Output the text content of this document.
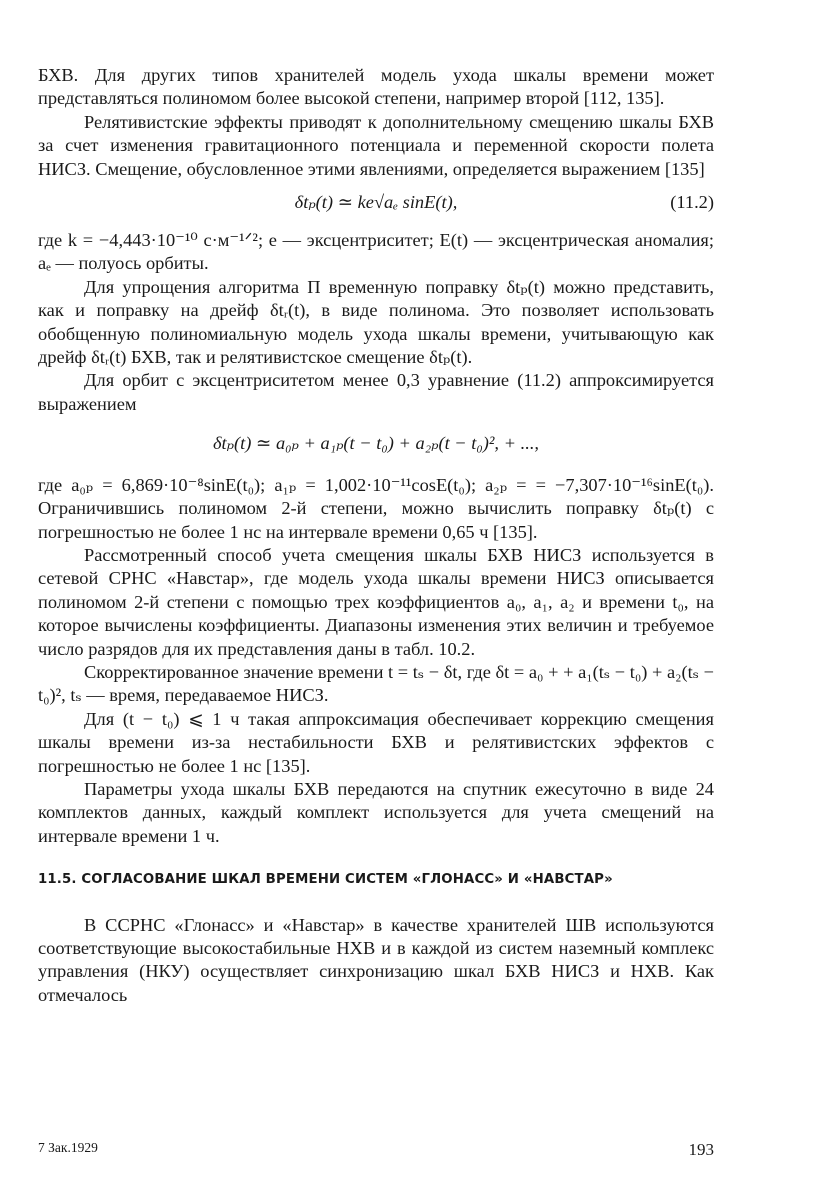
БХВ. Для других типов хранителей модель ухода шкалы времени может представляться полиномом более высокой степени, например второй [112, 135].

Релятивистские эффекты приводят к дополнительному смещению шкалы БХВ за счет изменения гравитационного потенциала и переменной скорости полета НИСЗ. Смещение, обусловленное этими явлениями, определяется выражением [135]

δtₚ(t) ≃ ke√aₑ sinE(t),	(11.2)

где k = −4,443·10⁻¹⁰ с·м⁻¹ᐟ²; e — эксцентриситет; E(t) — эксцентрическая аномалия; aₑ — полуось орбиты.

Для упрощения алгоритма П временную поправку δtₚ(t) можно представить, как и поправку на дрейф δtᵣ(t), в виде полинома. Это позволяет использовать обобщенную полиномиальную модель ухода шкалы времени, учитывающую как дрейф δtᵣ(t) БХВ, так и релятивистское смещение δtₚ(t).

Для орбит с эксцентриситетом менее 0,3 уравнение (11.2) аппроксимируется выражением

δtₚ(t) ≃ a₀ₚ + a₁ₚ(t − t₀) + a₂ₚ(t − t₀)², + ...,

где a₀ₚ = 6,869·10⁻⁸sinE(t₀); a₁ₚ = 1,002·10⁻¹¹cosE(t₀); a₂ₚ = = −7,307·10⁻¹⁶sinE(t₀). Ограничившись полиномом 2-й степени, можно вычислить поправку δtₚ(t) с погрешностью не более 1 нс на интервале времени 0,65 ч [135].

Рассмотренный способ учета смещения шкалы БХВ НИСЗ используется в сетевой СРНС «Навстар», где модель ухода шкалы времени НИСЗ описывается полиномом 2-й степени с помощью трех коэффициентов a₀, a₁, a₂ и времени t₀, на которое вычислены коэффициенты. Диапазоны изменения этих величин и требуемое число разрядов для их представления даны в табл. 10.2.

Скорректированное значение времени t = tₛ − δt, где δt = a₀ + + a₁(tₛ − t₀) + a₂(tₛ − t₀)², tₛ — время, передаваемое НИСЗ.

Для (t − t₀) ⩽ 1 ч такая аппроксимация обеспечивает коррекцию смещения шкалы времени из-за нестабильности БХВ и релятивистских эффектов с погрешностью не более 1 нс [135].

Параметры ухода шкалы БХВ передаются на спутник ежесуточно в виде 24 комплектов данных, каждый комплект используется для учета смещений на интервале времени 1 ч.

11.5. СОГЛАСОВАНИЕ ШКАЛ ВРЕМЕНИ СИСТЕМ «ГЛОНАСС» И «НАВСТАР»

В ССРНС «Глонасс» и «Навстар» в качестве хранителей ШВ используются соответствующие высокостабильные НХВ и в каждой из систем наземный комплекс управления (НКУ) осуществляет синхронизацию шкал БХВ НИСЗ и НХВ. Как отмечалось

7 Зак.1929	193
